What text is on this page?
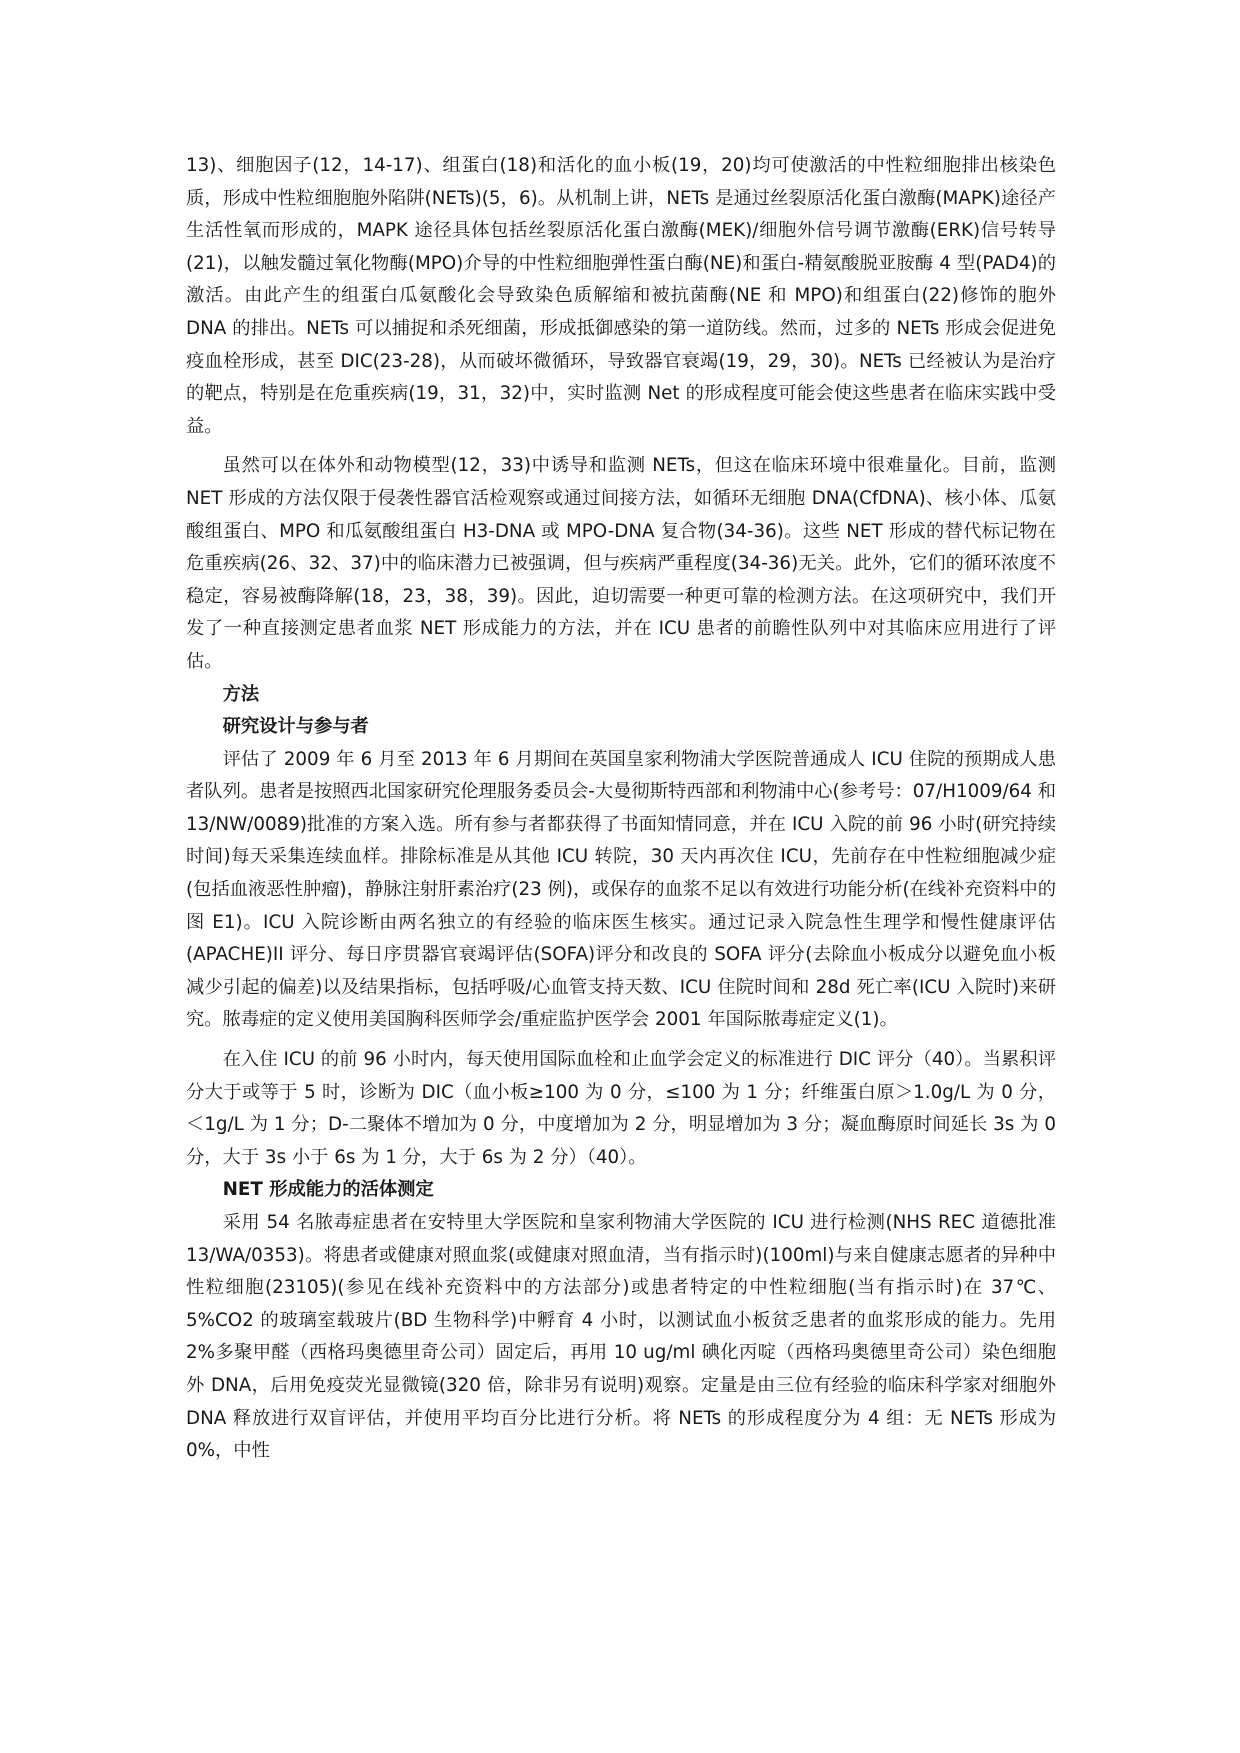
13)、细胞因子(12，14-17)、组蛋白(18)和活化的血小板(19，20)均可使激活的中性粒细胞排出核染色质，形成中性粒细胞胞外陷阱(NETs)(5，6)。从机制上讲，NETs 是通过丝裂原活化蛋白激酶(MAPK)途径产生活性氧而形成的，MAPK 途径具体包括丝裂原活化蛋白激酶(MEK)/细胞外信号调节激酶(ERK)信号转导(21)，以触发髓过氧化物酶(MPO)介导的中性粒细胞弹性蛋白酶(NE)和蛋白-精氨酸脱亚胺酶 4 型(PAD4)的激活。由此产生的组蛋白瓜氨酸化会导致染色质解缩和被抗菌酶(NE 和 MPO)和组蛋白(22)修饰的胞外 DNA 的排出。NETs 可以捕捉和杀死细菌，形成抵御感染的第一道防线。然而，过多的 NETs 形成会促进免疫血栓形成，甚至 DIC(23-28)，从而破坏微循环，导致器官衰竭(19，29，30)。NETs 已经被认为是治疗的靶点，特别是在危重疾病(19，31，32)中，实时监测 Net 的形成程度可能会使这些患者在临床实践中受益。

虽然可以在体外和动物模型(12，33)中诱导和监测 NETs，但这在临床环境中很难量化。目前，监测 NET 形成的方法仅限于侵袭性器官活检观察或通过间接方法，如循环无细胞 DNA(CfDNA)、核小体、瓜氨酸组蛋白、MPO 和瓜氨酸组蛋白 H3-DNA 或 MPO-DNA 复合物(34-36)。这些 NET 形成的替代标记物在危重疾病(26、32、37)中的临床潜力已被强调，但与疾病严重程度(34-36)无关。此外，它们的循环浓度不稳定，容易被酶降解(18，23，38，39)。因此，迫切需要一种更可靠的检测方法。在这项研究中，我们开发了一种直接测定患者血浆 NET 形成能力的方法，并在 ICU 患者的前瞻性队列中对其临床应用进行了评估。

方法
研究设计与参与者

评估了 2009 年 6 月至 2013 年 6 月期间在英国皇家利物浦大学医院普通成人 ICU 住院的预期成人患者队列。患者是按照西北国家研究伦理服务委员会-大曼彻斯特西部和利物浦中心(参考号：07/H1009/64 和 13/NW/0089)批准的方案入选。所有参与者都获得了书面知情同意，并在 ICU 入院的前 96 小时(研究持续时间)每天采集连续血样。排除标准是从其他 ICU 转院，30 天内再次住 ICU，先前存在中性粒细胞减少症(包括血液恶性肿瘤)，静脉注射肝素治疗(23 例)，或保存的血浆不足以有效进行功能分析(在线补充资料中的图 E1)。ICU 入院诊断由两名独立的有经验的临床医生核实。通过记录入院急性生理学和慢性健康评估(APACHE)II 评分、每日序贯器官衰竭评估(SOFA)评分和改良的 SOFA 评分(去除血小板成分以避免血小板减少引起的偏差)以及结果指标，包括呼吸/心血管支持天数、ICU 住院时间和 28d 死亡率(ICU 入院时)来研究。脓毒症的定义使用美国胸科医师学会/重症监护医学会 2001 年国际脓毒症定义(1)。

在入住 ICU 的前 96 小时内，每天使用国际血栓和止血学会定义的标准进行 DIC 评分（40）。当累积评分大于或等于 5 时，诊断为 DIC（血小板≥100 为 0 分，≤100 为 1 分；纤维蛋白原＞1.0g/L 为 0 分，＜1g/L 为 1 分；D-二聚体不增加为 0 分，中度增加为 2 分，明显增加为 3 分；凝血酶原时间延长 3s 为 0 分，大于 3s 小于 6s 为 1 分，大于 6s 为 2 分）（40）。

NET 形成能力的活体测定

采用 54 名脓毒症患者在安特里大学医院和皇家利物浦大学医院的 ICU 进行检测(NHS REC 道德批准 13/WA/0353)。将患者或健康对照血浆(或健康对照血清，当有指示时)(100ml)与来自健康志愿者的异种中性粒细胞(23105)(参见在线补充资料中的方法部分)或患者特定的中性粒细胞(当有指示时)在 37℃、5%CO2 的玻璃室载玻片(BD 生物科学)中孵育 4 小时，以测试血小板贫乏患者的血浆形成的能力。先用 2%多聚甲醛（西格玛奥德里奇公司）固定后，再用 10 ug/ml 碘化丙啶（西格玛奥德里奇公司）染色细胞外 DNA，后用免疫荧光显微镜(320 倍，除非另有说明)观察。定量是由三位有经验的临床科学家对细胞外 DNA 释放进行双盲评估，并使用平均百分比进行分析。将 NETs 的形成程度分为 4 组：无 NETs 形成为 0%，中性
